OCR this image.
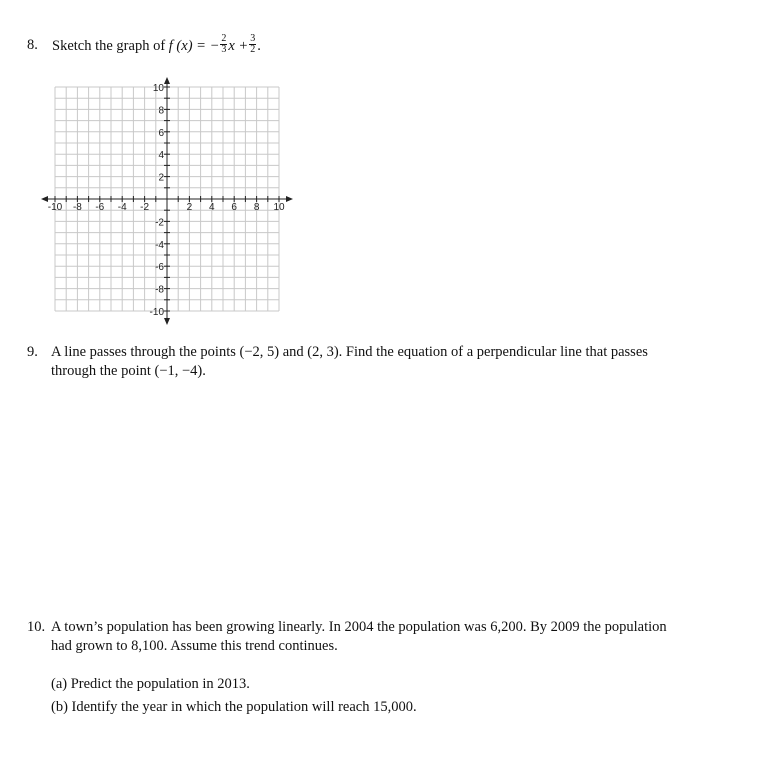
8. Sketch the graph of f (x) = − $\frac{2}{3}$ $x + \frac{3}{2}$ .
-10 -8 -6 -4 -2	2 4 6 8 10
10
8
6
4
2
-2
-4
-6
-8
-10
9. A line passes through the points (−2, 5) and (2, 3). Find the equation of a perpendicular line that passes
through the point (−1, −4).
10. A town’s population has been growing linearly. In 2004 the population was 6,200. By 2009 the population
had grown to 8,100. Assume this trend continues.
(a) Predict the population in 2013.
(b) Identify the year in which the population will reach 15,000.
